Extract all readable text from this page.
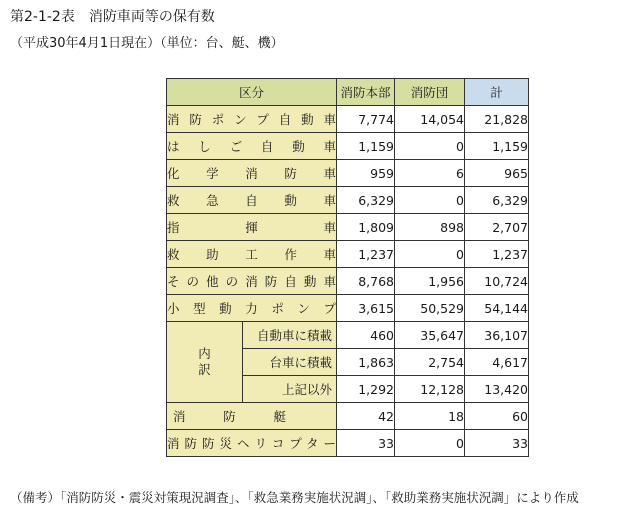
第2-1-2表 消防車両等の保有数
（平成30年4月1日現在）（単位：台、艇、機）
区分		消防本部	消防団	計
消防ポンプ自動車		7,774	14,054	21,828
はしご自動車		1,159	0	1,159
化学消防車		959	6	965
救急自動車		6,329	0	6,329
指揮車		1,809	898	2,707
救助工作車		1,237	0	1,237
その他の消防自動車		8,768	1,956	10,724
小型動力ポンプ		3,615	50,529	54,144
内
訳	自動車に積載	460	35,647	36,107
	台車に積載	1,863	2,754	4,617
	上記以外	1,292	12,128	13,420
消防艇		42	18	60
消防防災ヘリコプター		33	0	33
（備考）「消防防災・震災対策現況調査」、「救急業務実施状況調」、「救助業務実施状況調」により作成
